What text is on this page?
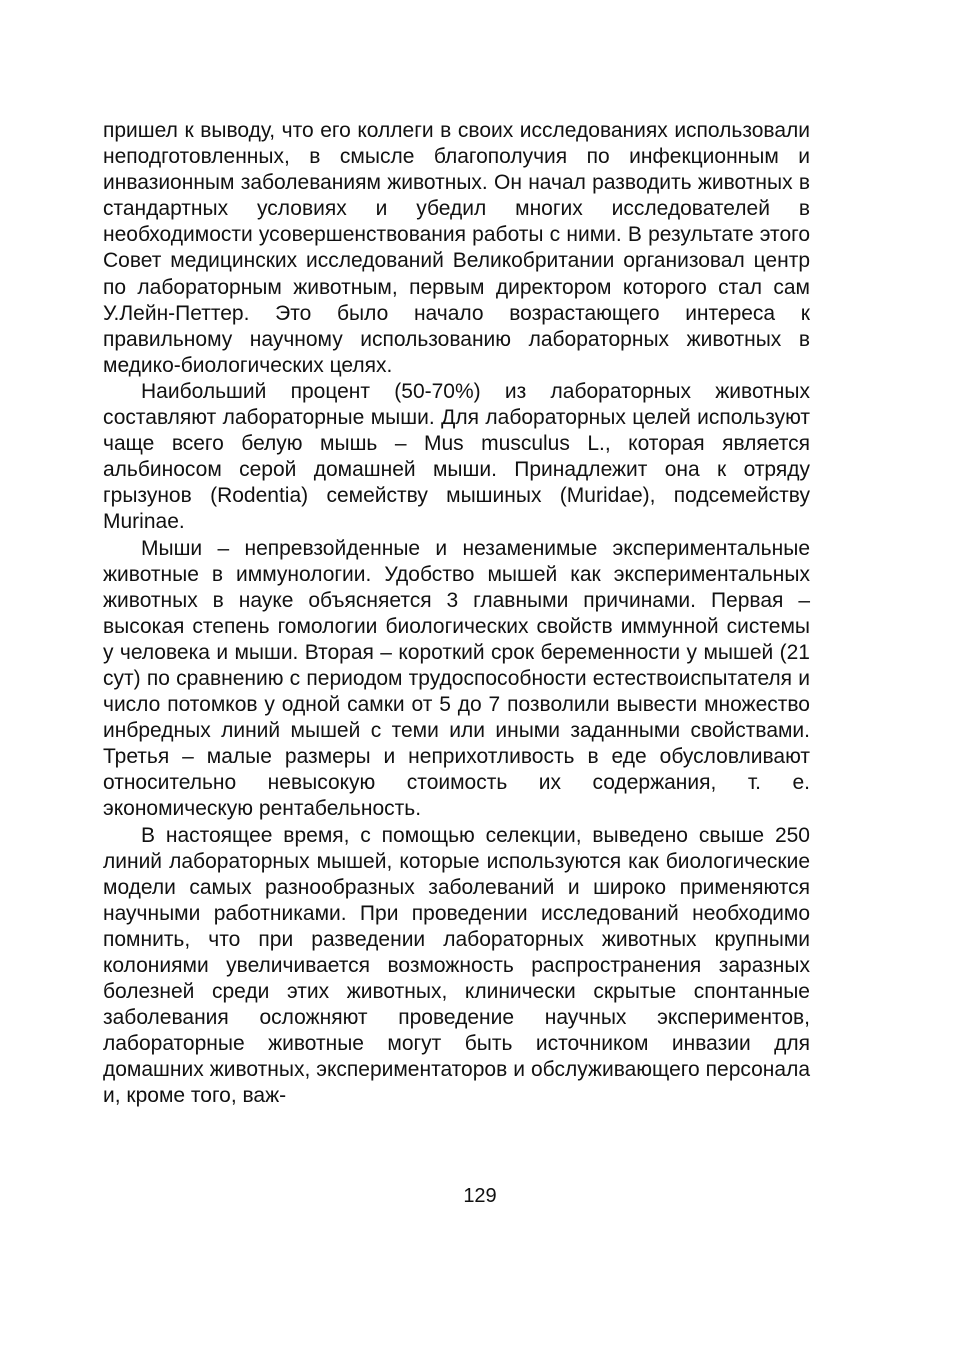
пришел к выводу, что его коллеги в своих исследованиях использовали неподготовленных, в смысле благополучия по инфекционным и инвазионным заболеваниям животных. Он начал разводить животных в стандартных условиях и убедил многих исследователей в необходимости усовершенствования работы с ними. В результате этого Совет медицинских исследований Великобритании организовал центр по лабораторным животным, первым директором которого стал сам У.Лейн-Петтер. Это было начало возрастающего интереса к правильному научному использованию лабораторных животных в медико-биологических целях.

Наибольший процент (50-70%) из лабораторных животных составляют лабораторные мыши. Для лабораторных целей используют чаще всего белую мышь – Mus musculus L., которая является альбиносом серой домашней мыши. Принадлежит она к отряду грызунов (Rodentia) семейству мышиных (Muridae), подсемейству Murinae.

Мыши – непревзойденные и незаменимые экспериментальные животные в иммунологии. Удобство мышей как экспериментальных животных в науке объясняется 3 главными причинами. Первая – высокая степень гомологии биологических свойств иммунной системы у человека и мыши. Вторая – короткий срок беременности у мышей (21 сут) по сравнению с периодом трудоспособности естествоиспытателя и число потомков у одной самки от 5 до 7 позволили вывести множество инбредных линий мышей с теми или иными заданными свойствами. Третья – малые размеры и неприхотливость в еде обусловливают относительно невысокую стоимость их содержания, т. е. экономическую рентабельность.

В настоящее время, с помощью селекции, выведено свыше 250 линий лабораторных мышей, которые используются как биологические модели самых разнообразных заболеваний и широко применяются научными работниками. При проведении исследований необходимо помнить, что при разведении лабораторных животных крупными колониями увеличивается возможность распространения заразных болезней среди этих животных, клинически скрытые спонтанные заболевания осложняют проведение научных экспериментов, лабораторные животные могут быть источником инвазии для домашних животных, экспериментаторов и обслуживающего персонала и, кроме того, важ-

129
